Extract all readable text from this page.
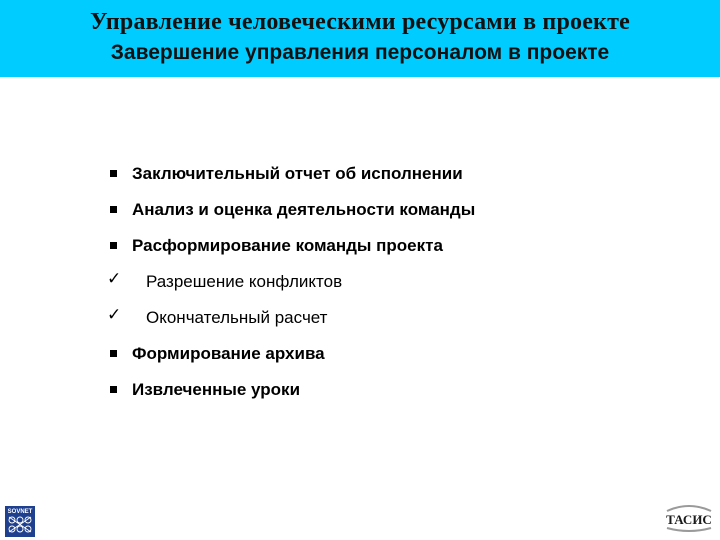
Управление человеческими ресурсами в проекте
Завершение управления персоналом в проекте
Заключительный отчет об исполнении
Анализ и оценка деятельности команды
Расформирование команды проекта
✓ Разрешение конфликтов
✓ Окончательный расчет
Формирование архива
Извлеченные уроки
SOVNET	ТАСИС
